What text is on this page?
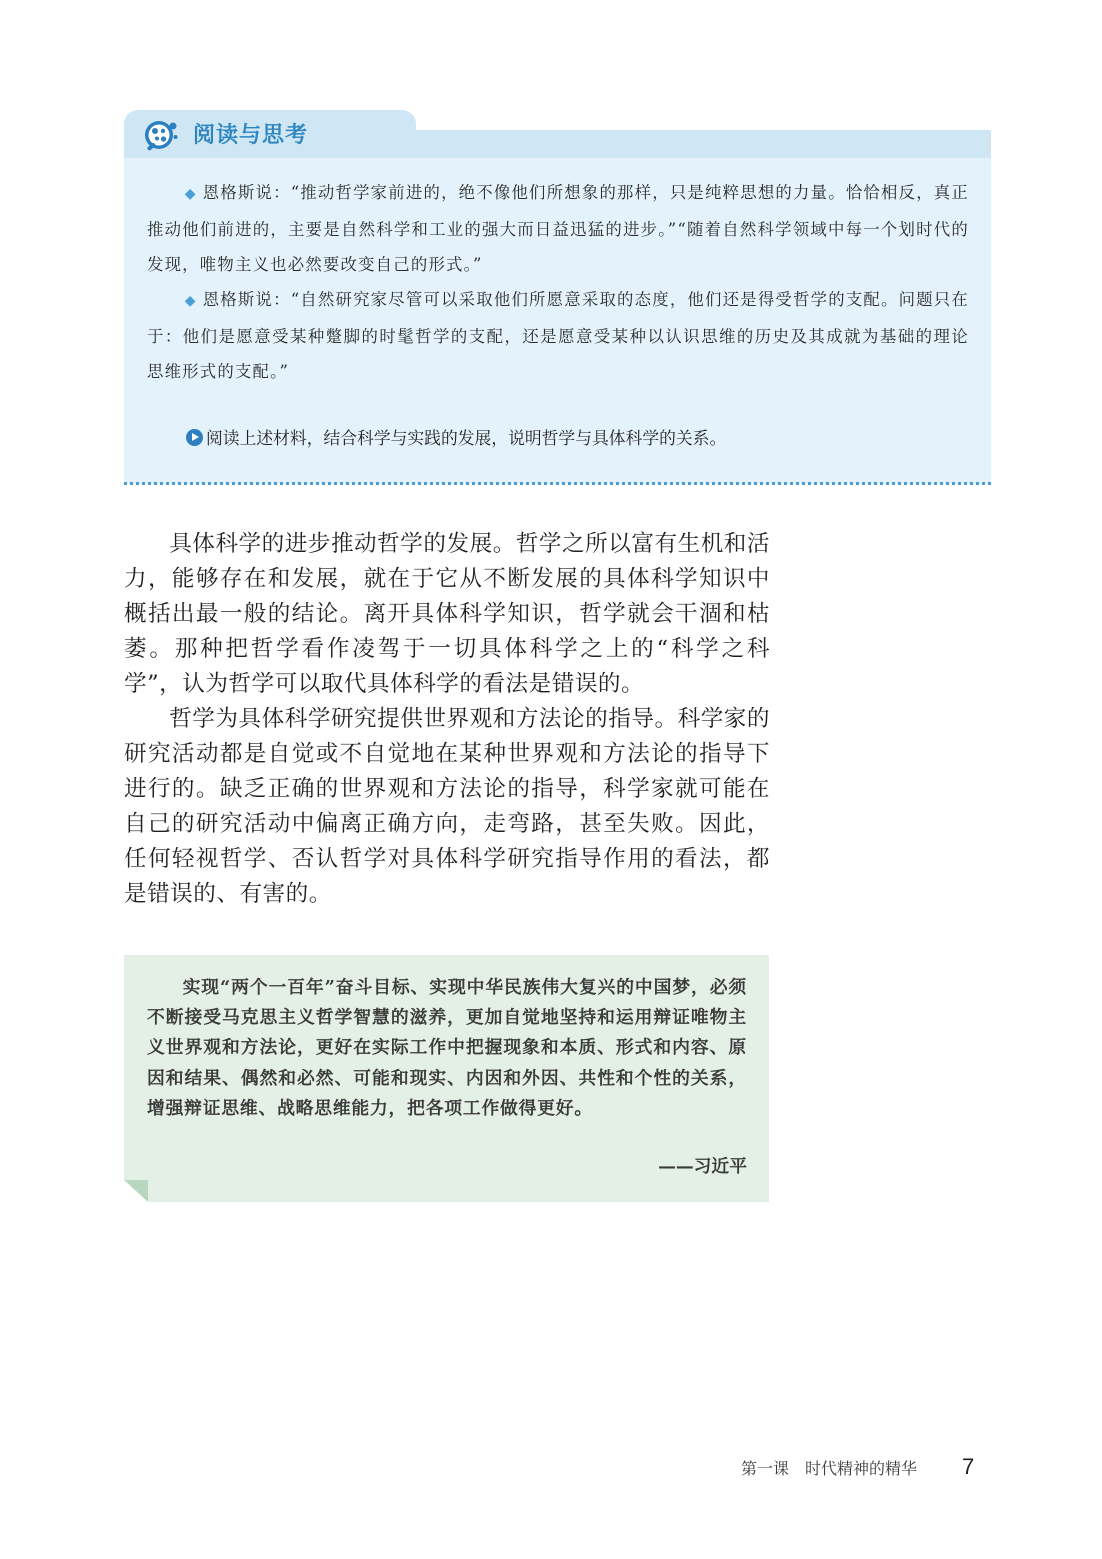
阅读与思考

◆ 恩格斯说：“推动哲学家前进的，绝不像他们所想象的那样，只是纯粹思想的力量。恰恰相反，真正推动他们前进的，主要是自然科学和工业的强大而日益迅猛的进步。”“随着自然科学领域中每一个划时代的发现，唯物主义也必然要改变自己的形式。”

◆ 恩格斯说：“自然研究家尽管可以采取他们所愿意采取的态度，他们还是得受哲学的支配。问题只在于：他们是愿意受某种蹩脚的时髦哲学的支配，还是愿意受某种以认识思维的历史及其成就为基础的理论思维形式的支配。”

阅读上述材料，结合科学与实践的发展，说明哲学与具体科学的关系。

具体科学的进步推动哲学的发展。哲学之所以富有生机和活力，能够存在和发展，就在于它从不断发展的具体科学知识中概括出最一般的结论。离开具体科学知识，哲学就会干涸和枯萎。那种把哲学看作凌驾于一切具体科学之上的“科学之科学”，认为哲学可以取代具体科学的看法是错误的。

哲学为具体科学研究提供世界观和方法论的指导。科学家的研究活动都是自觉或不自觉地在某种世界观和方法论的指导下进行的。缺乏正确的世界观和方法论的指导，科学家就可能在自己的研究活动中偏离正确方向，走弯路，甚至失败。因此，任何轻视哲学、否认哲学对具体科学研究指导作用的看法，都是错误的、有害的。

实现“两个一百年”奋斗目标、实现中华民族伟大复兴的中国梦，必须不断接受马克思主义哲学智慧的滋养，更加自觉地坚持和运用辩证唯物主义世界观和方法论，更好在实际工作中把握现象和本质、形式和内容、原因和结果、偶然和必然、可能和现实、内因和外因、共性和个性的关系，增强辩证思维、战略思维能力，把各项工作做得更好。

——习近平
第一课　时代精神的精华 7
